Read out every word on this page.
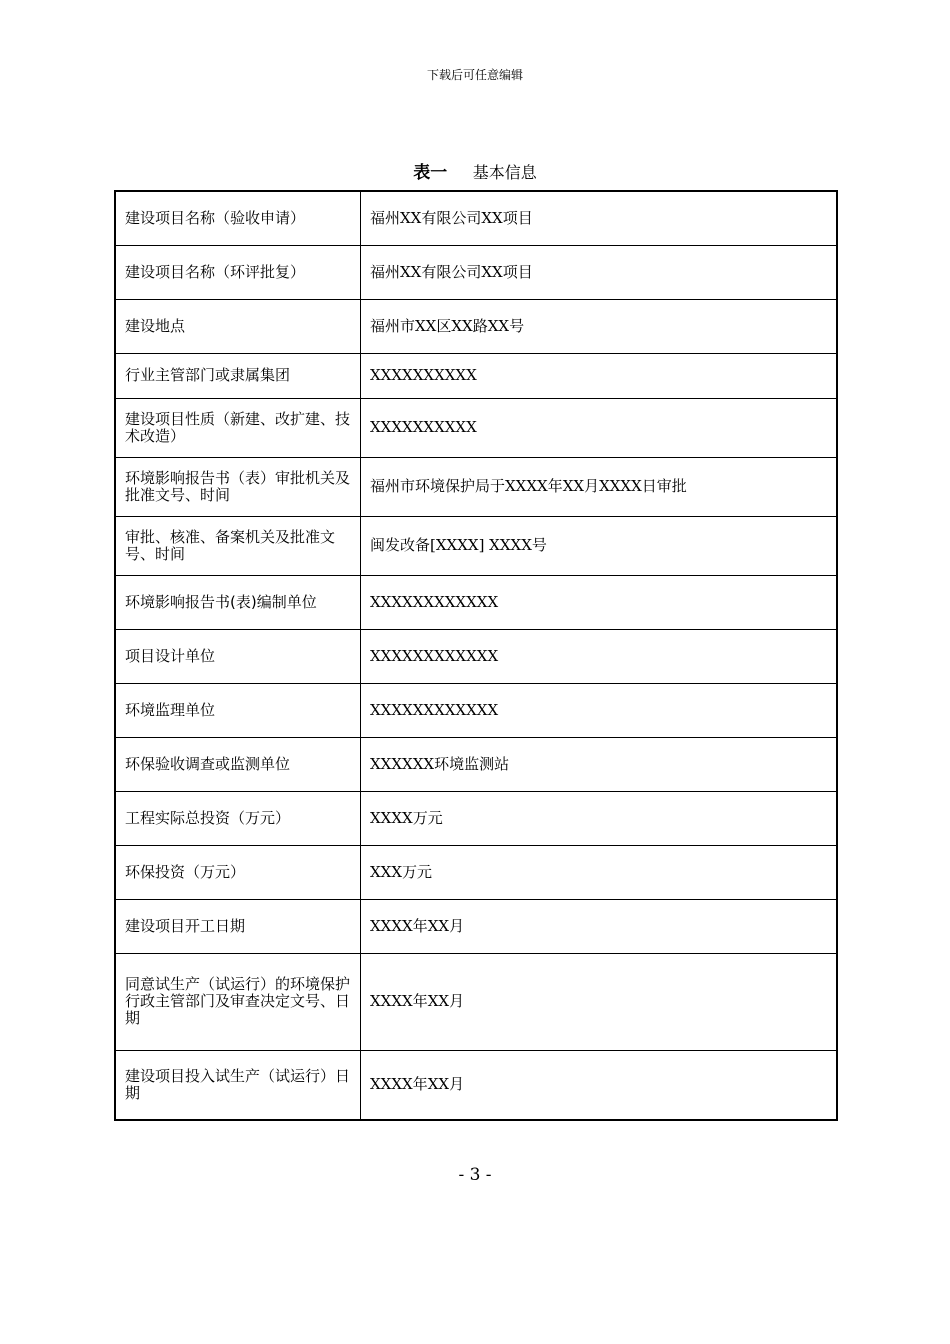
下载后可任意编辑
表一 基本信息
建设项目名称（验收申请）	福州XX有限公司XX项目
建设项目名称（环评批复）	福州XX有限公司XX项目
建设地点	福州市XX区XX路XX号
行业主管部门或隶属集团	XXXXXXXXXX
建设项目性质（新建、改扩建、技术改造）	XXXXXXXXXX
环境影响报告书（表）审批机关及批准文号、时间	福州市环境保护局于XXXX年XX月XXXX日审批
审批、核准、备案机关及批准文号、时间	闽发改备[XXXX] XXXX号
环境影响报告书(表)编制单位	XXXXXXXXXXXX
项目设计单位	XXXXXXXXXXXX
环境监理单位	XXXXXXXXXXXX
环保验收调查或监测单位	XXXXXX环境监测站
工程实际总投资（万元）	XXXX万元
环保投资（万元）	XXX万元
建设项目开工日期	XXXX年XX月
同意试生产（试运行）的环境保护行政主管部门及审查决定文号、日期	XXXX年XX月
建设项目投入试生产（试运行）日期	XXXX年XX月
- 3 -
